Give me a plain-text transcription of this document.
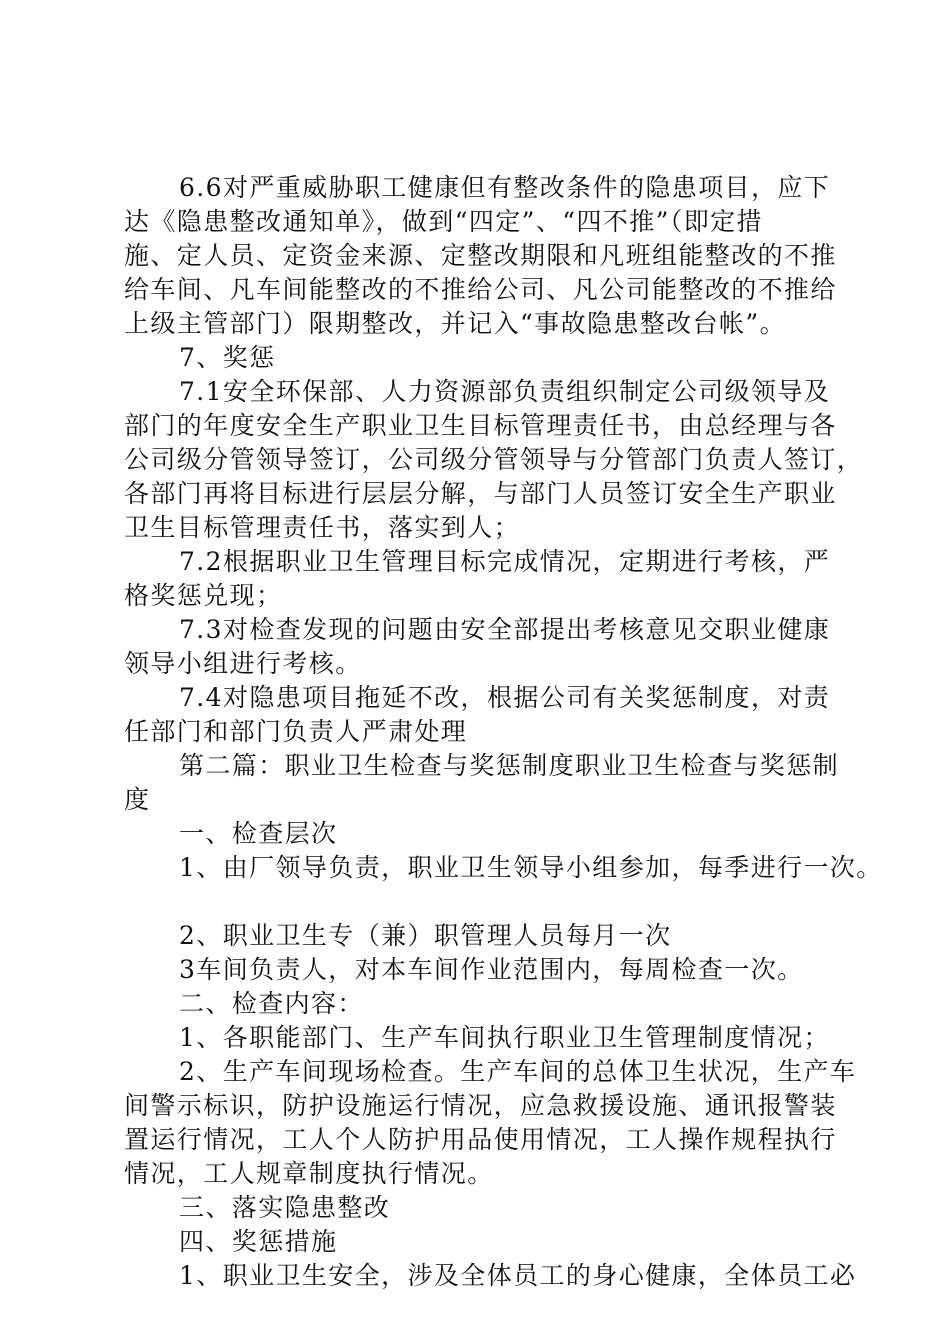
6.6对严重威胁职工健康但有整改条件的隐患项目，应下
达《隐患整改通知单》，做到“四定”、“四不推”（即定措
施、定人员、定资金来源、定整改期限和凡班组能整改的不推
给车间、凡车间能整改的不推给公司、凡公司能整改的不推给
上级主管部门）限期整改，并记入“事故隐患整改台帐”。
7、奖惩
7.1安全环保部、人力资源部负责组织制定公司级领导及
部门的年度安全生产职业卫生目标管理责任书，由总经理与各
公司级分管领导签订，公司级分管领导与分管部门负责人签订，
各部门再将目标进行层层分解，与部门人员签订安全生产职业
卫生目标管理责任书，落实到人；
7.2根据职业卫生管理目标完成情况，定期进行考核，严
格奖惩兑现；
7.3对检查发现的问题由安全部提出考核意见交职业健康
领导小组进行考核。
7.4对隐患项目拖延不改，根据公司有关奖惩制度，对责
任部门和部门负责人严肃处理
第二篇：职业卫生检查与奖惩制度职业卫生检查与奖惩制
度
一、检查层次
1、由厂领导负责，职业卫生领导小组参加，每季进行一次。
2、职业卫生专（兼）职管理人员每月一次
3车间负责人，对本车间作业范围内，每周检查一次。
二、检查内容：
1、各职能部门、生产车间执行职业卫生管理制度情况；
2、生产车间现场检查。生产车间的总体卫生状况，生产车
间警示标识，防护设施运行情况，应急救援设施、通讯报警装
置运行情况，工人个人防护用品使用情况，工人操作规程执行
情况，工人规章制度执行情况。
三、落实隐患整改
四、奖惩措施
1、职业卫生安全，涉及全体员工的身心健康，全体员工必
